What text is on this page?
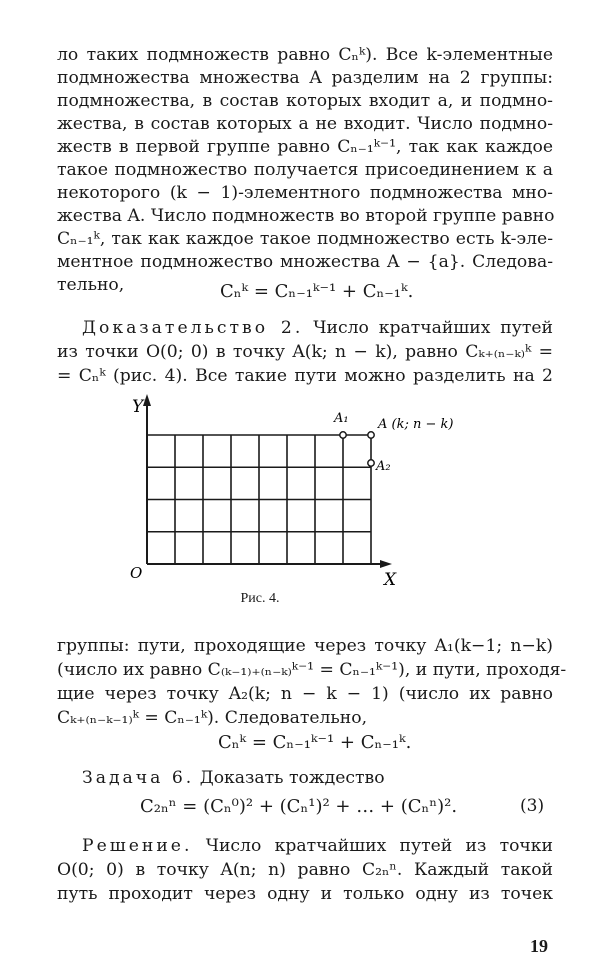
ло таких подмножеств равно Cₙᵏ). Все k-элементные
подмножества множества A разделим на 2 группы:
подмножества, в состав которых входит a, и подмно-
жества, в состав которых a не входит. Число подмно-
жеств в первой группе равно Cₙ₋₁ᵏ⁻¹, так как каждое
такое подмножество получается присоединением к a
некоторого (k − 1)-элементного подмножества мно-
жества A. Число подмножеств во второй группе равно
Cₙ₋₁ᵏ, так как каждое такое подмножество есть k-эле-
ментное подмножество множества A − {a}. Следова-
тельно,	Cₙᵏ = Cₙ₋₁ᵏ⁻¹ + Cₙ₋₁ᵏ.
Доказательство 2. Число кратчайших путей
из точки O(0; 0) в точку A(k; n − k), равно Cₖ₊₍ₙ₋ₖ₎ᵏ =
= Cₙᵏ (рис. 4). Все такие пути можно разделить на 2
Y
X
O
A₁
A₂
A (k; n − k)
Рис. 4.
группы: пути, проходящие через точку A₁(k−1; n−k)
(число их равно C₍ₖ₋₁₎₊₍ₙ₋ₖ₎ᵏ⁻¹ = Cₙ₋₁ᵏ⁻¹), и пути, проходя-
щие через точку A₂(k; n − k − 1) (число их равно
Cₖ₊₍ₙ₋ₖ₋₁₎ᵏ = Cₙ₋₁ᵏ). Следовательно,
Cₙᵏ = Cₙ₋₁ᵏ⁻¹ + Cₙ₋₁ᵏ.
Задача 6. Доказать тождество
C₂ₙⁿ = (Cₙ⁰)² + (Cₙ¹)² + … + (Cₙⁿ)².	(3)
Решение. Число кратчайших путей из точки
O(0; 0) в точку A(n; n) равно C₂ₙⁿ. Каждый такой
путь проходит через одну и только одну из точек
19
